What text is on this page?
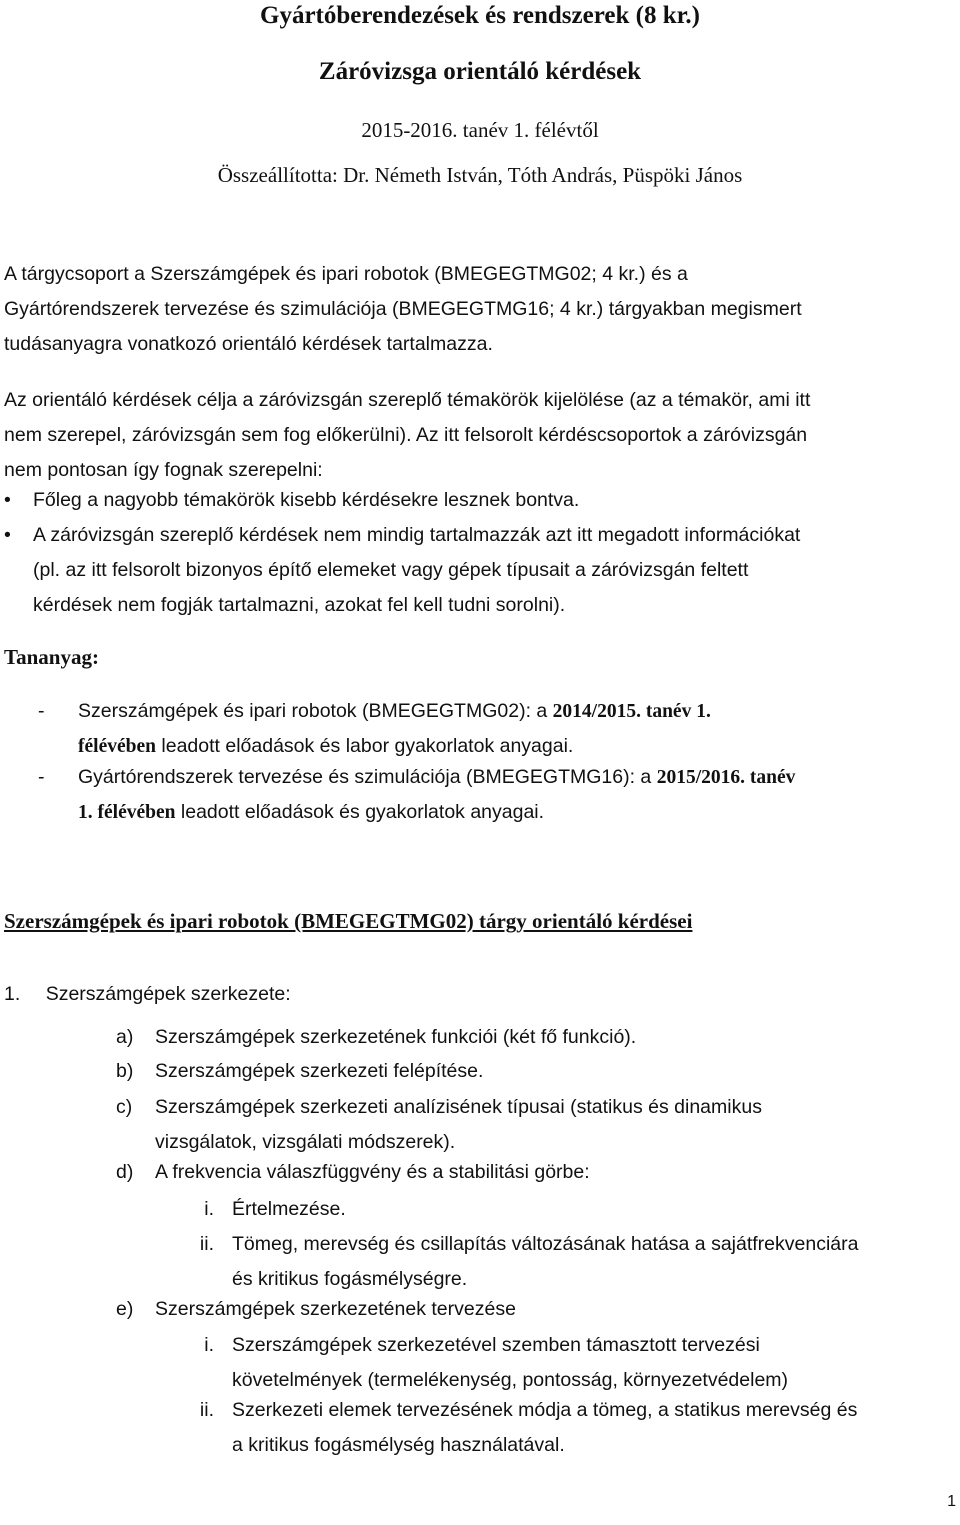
Gyártóberendezések és rendszerek (8 kr.)
Záróvizsga orientáló kérdések
2015-2016. tanév 1. félévtől
Összeállította: Dr. Németh István, Tóth András, Püspöki János
A tárgycsoport a Szerszámgépek és ipari robotok (BMEGEGTMG02; 4 kr.) és a
Gyártórendszerek tervezése és szimulációja (BMEGEGTMG16; 4 kr.) tárgyakban megismert
tudásanyagra vonatkozó orientáló kérdések tartalmazza.
Az orientáló kérdések célja a záróvizsgán szereplő témakörök kijelölése (az a témakör, ami itt
nem szerepel, záróvizsgán sem fog előkerülni). Az itt felsorolt kérdéscsoportok a záróvizsgán
nem pontosan így fognak szerepelni:
• Főleg a nagyobb témakörök kisebb kérdésekre lesznek bontva.
• A záróvizsgán szereplő kérdések nem mindig tartalmazzák azt itt megadott információkat
(pl. az itt felsorolt bizonyos építő elemeket vagy gépek típusait a záróvizsgán feltett
kérdések nem fogják tartalmazni, azokat fel kell tudni sorolni).
Tananyag:
- Szerszámgépek és ipari robotok (BMEGEGTMG02): a 2014/2015. tanév 1.
félévében leadott előadások és labor gyakorlatok anyagai.
- Gyártórendszerek tervezése és szimulációja (BMEGEGTMG16): a 2015/2016. tanév
1. félévében leadott előadások és gyakorlatok anyagai.
Szerszámgépek és ipari robotok (BMEGEGTMG02) tárgy orientáló kérdései
1. Szerszámgépek szerkezete:
a) Szerszámgépek szerkezetének funkciói (két fő funkció).
b) Szerszámgépek szerkezeti felépítése.
c) Szerszámgépek szerkezeti analízisének típusai (statikus és dinamikus
vizsgálatok, vizsgálati módszerek).
d) A frekvencia válaszfüggvény és a stabilitási görbe:
i. Értelmezése.
ii. Tömeg, merevség és csillapítás változásának hatása a sajátfrekvenciára
és kritikus fogásmélységre.
e) Szerszámgépek szerkezetének tervezése
i. Szerszámgépek szerkezetével szemben támasztott tervezési
követelmények (termelékenység, pontosság, környezetvédelem)
ii. Szerkezeti elemek tervezésének módja a tömeg, a statikus merevség és
a kritikus fogásmélység használatával.
1
